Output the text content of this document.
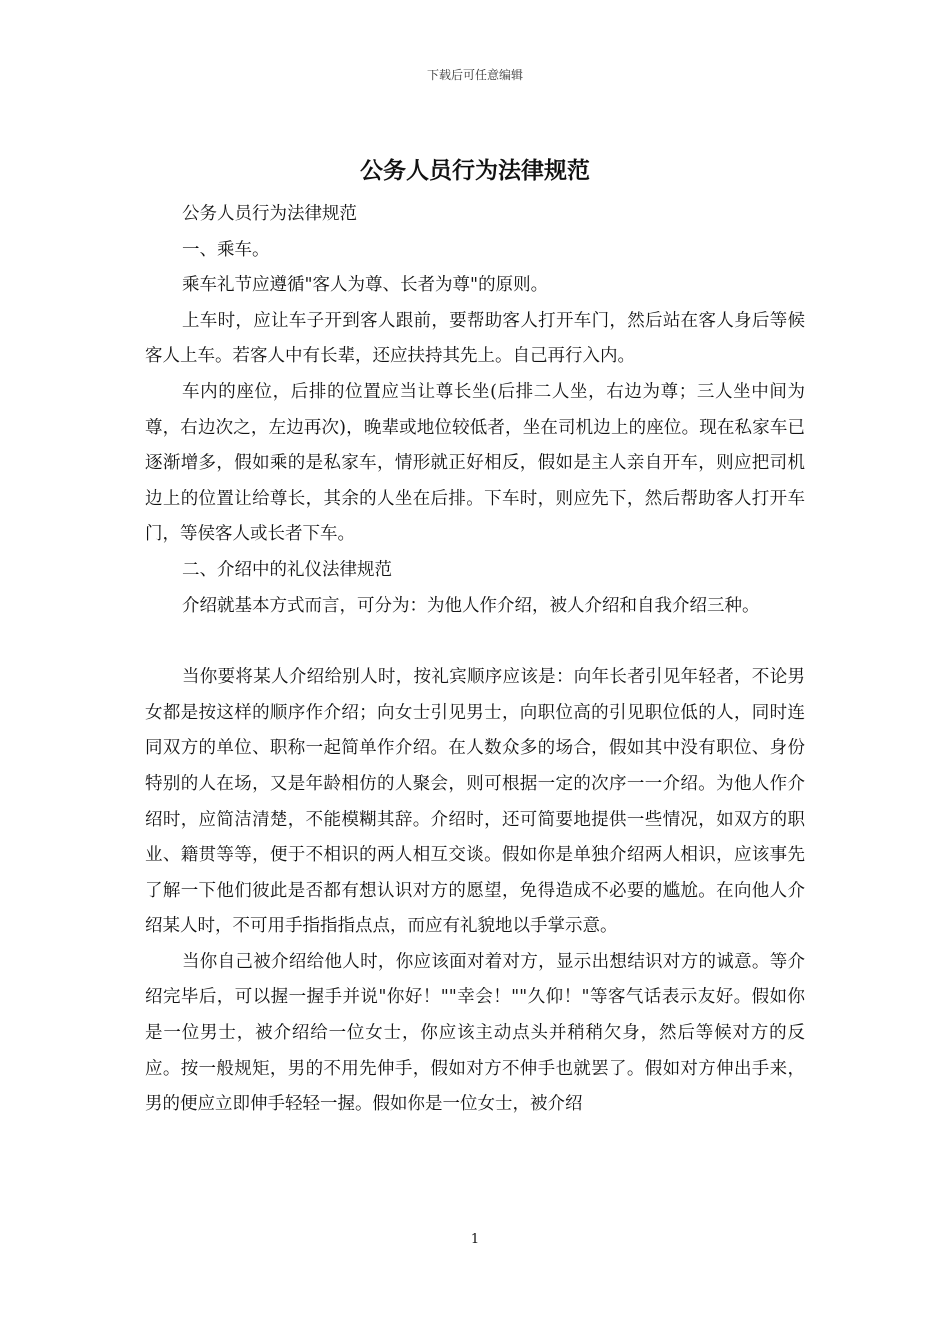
下载后可任意编辑
公务人员行为法律规范

公务人员行为法律规范

一、乘车。

乘车礼节应遵循"客人为尊、长者为尊"的原则。

上车时，应让车子开到客人跟前，要帮助客人打开车门，然后站在客人身后等候客人上车。若客人中有长辈，还应扶持其先上。自己再行入内。

车内的座位，后排的位置应当让尊长坐(后排二人坐，右边为尊；三人坐中间为尊，右边次之，左边再次)，晚辈或地位较低者，坐在司机边上的座位。现在私家车已逐渐增多，假如乘的是私家车，情形就正好相反，假如是主人亲自开车，则应把司机边上的位置让给尊长，其余的人坐在后排。下车时，则应先下，然后帮助客人打开车门，等侯客人或长者下车。

二、介绍中的礼仪法律规范

介绍就基本方式而言，可分为：为他人作介绍，被人介绍和自我介绍三种。

当你要将某人介绍给别人时，按礼宾顺序应该是：向年长者引见年轻者，不论男女都是按这样的顺序作介绍；向女士引见男士，向职位高的引见职位低的人，同时连同双方的单位、职称一起简单作介绍。在人数众多的场合，假如其中没有职位、身份特别的人在场，又是年龄相仿的人聚会，则可根据一定的次序一一介绍。为他人作介绍时，应简洁清楚，不能模糊其辞。介绍时，还可简要地提供一些情况，如双方的职业、籍贯等等，便于不相识的两人相互交谈。假如你是单独介绍两人相识，应该事先了解一下他们彼此是否都有想认识对方的愿望，免得造成不必要的尴尬。在向他人介绍某人时，不可用手指指指点点，而应有礼貌地以手掌示意。

当你自己被介绍给他人时，你应该面对着对方，显示出想结识对方的诚意。等介绍完毕后，可以握一握手并说"你好！""幸会！""久仰！"等客气话表示友好。假如你是一位男士，被介绍给一位女士，你应该主动点头并稍稍欠身，然后等候对方的反应。按一般规矩，男的不用先伸手，假如对方不伸手也就罢了。假如对方伸出手来，男的便应立即伸手轻轻一握。假如你是一位女士，被介绍

1
